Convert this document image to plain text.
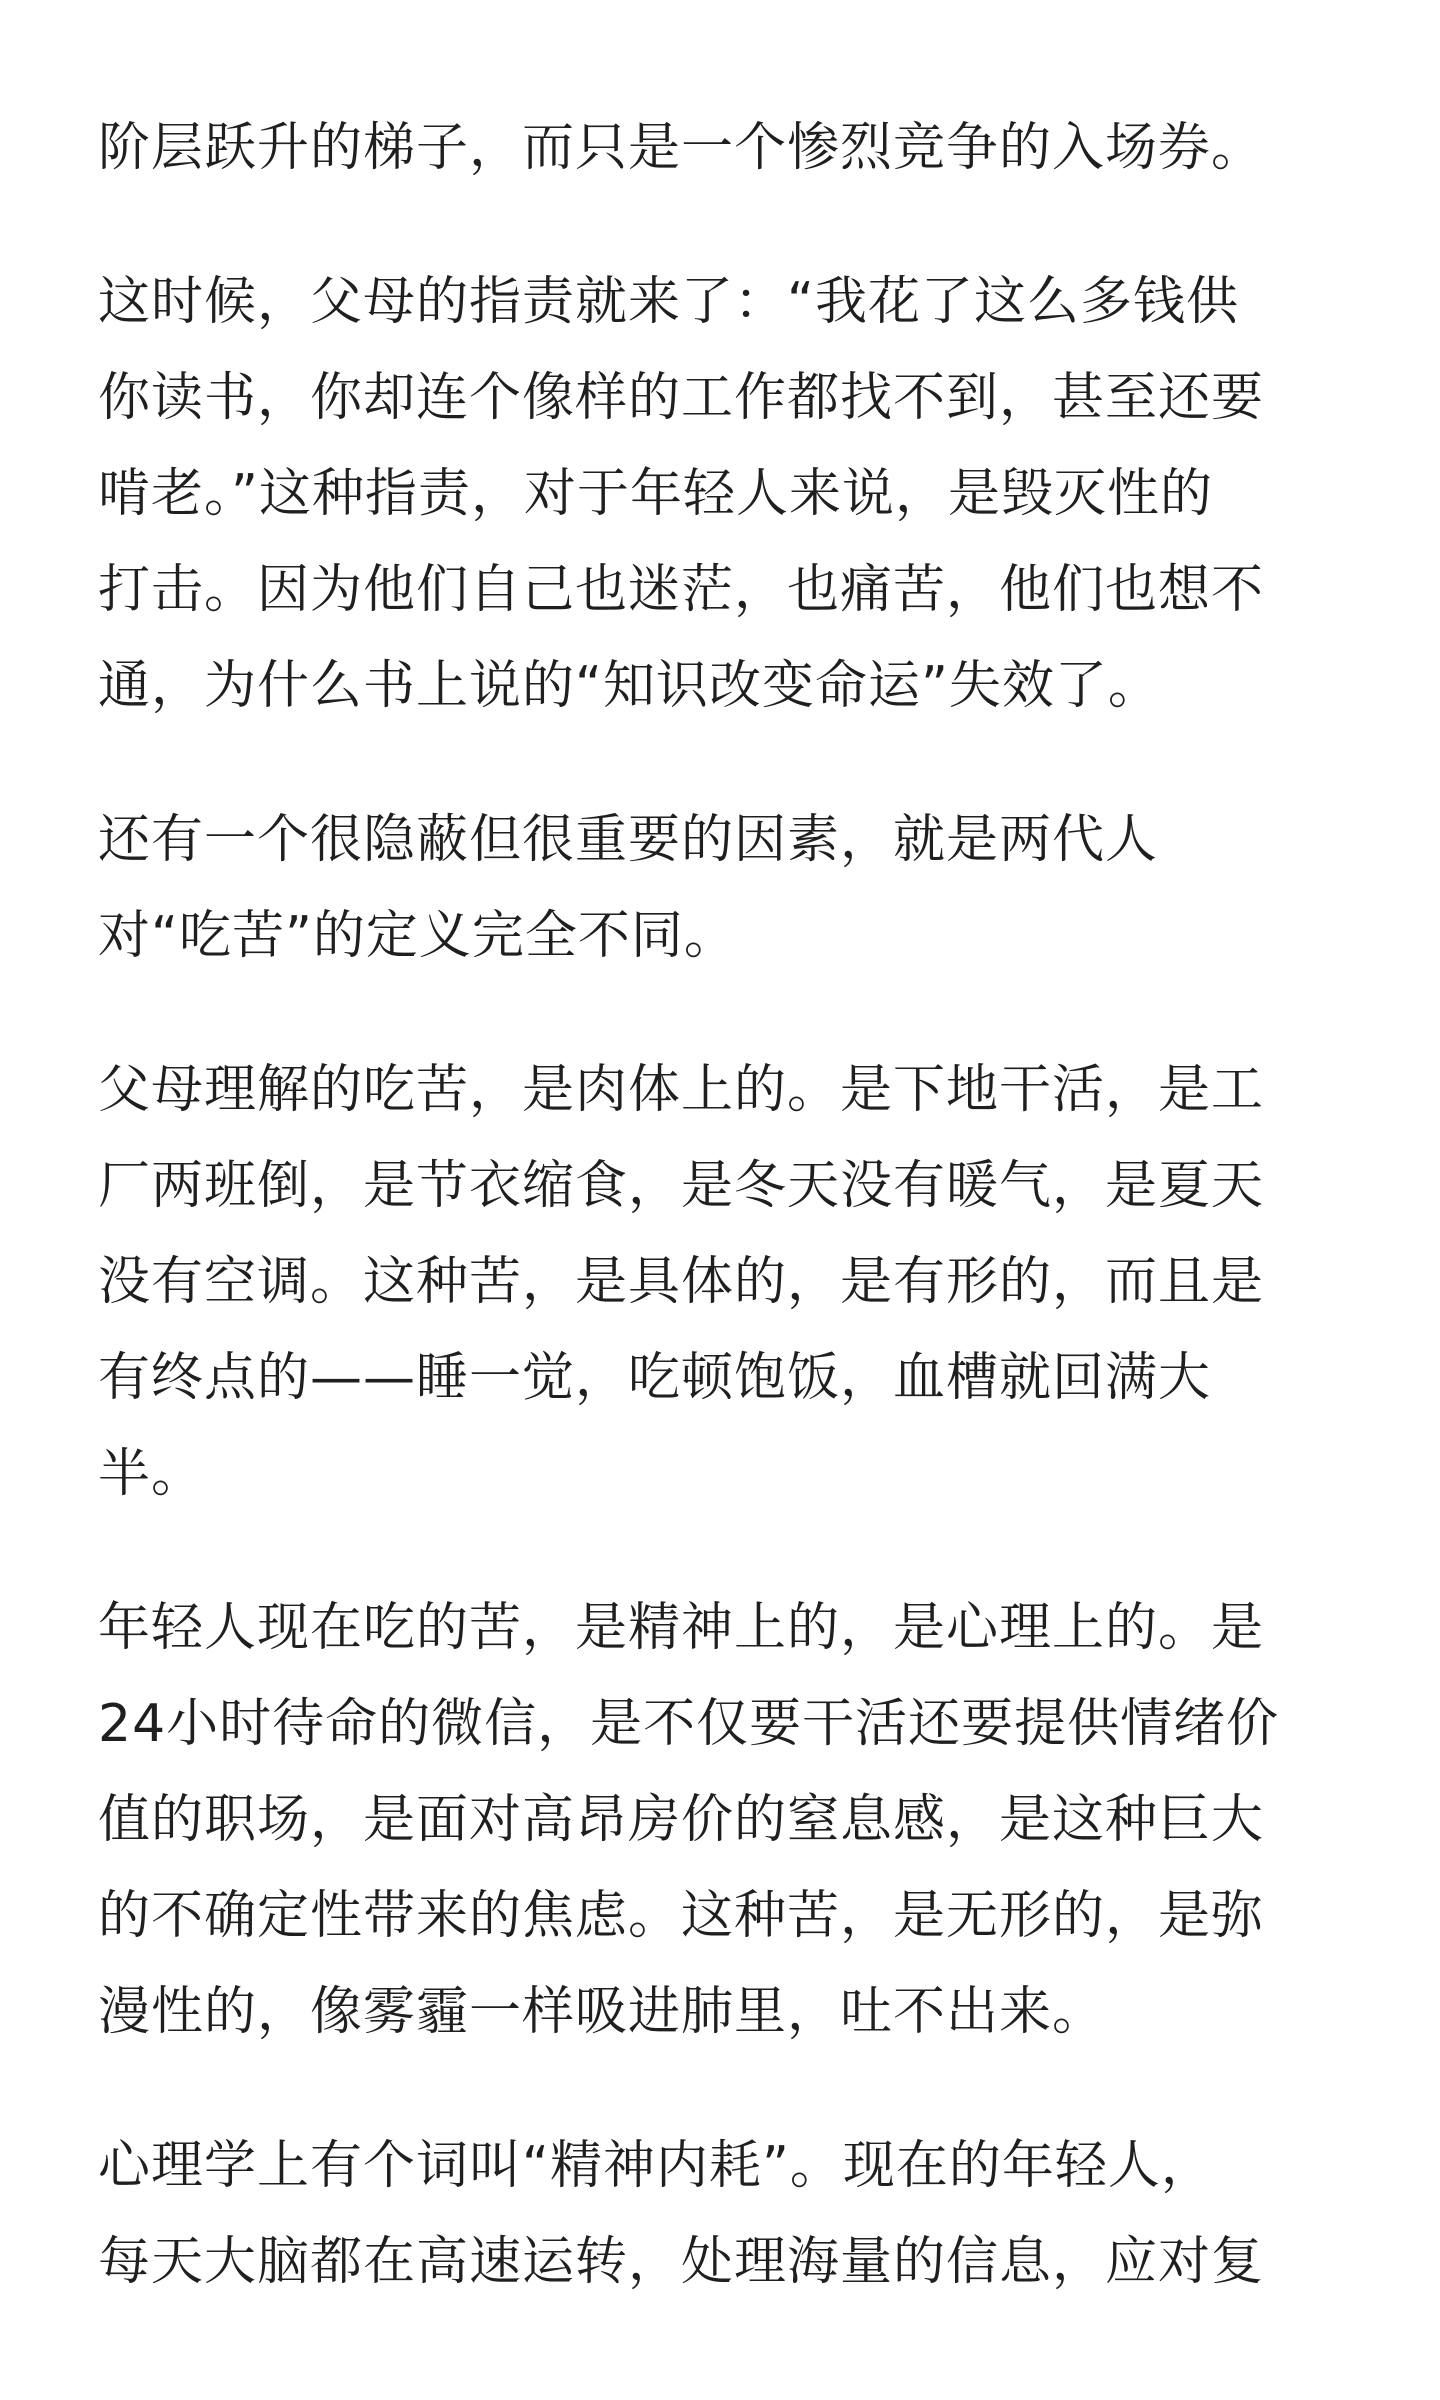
阶层跃升的梯子，而只是一个惨烈竞争的入场券。

这时候，父母的指责就来了：“我花了这么多钱供
你读书，你却连个像样的工作都找不到，甚至还要
啃老。”这种指责，对于年轻人来说，是毁灭性的
打击。因为他们自己也迷茫，也痛苦，他们也想不
通，为什么书上说的“知识改变命运”失效了。

还有一个很隐蔽但很重要的因素，就是两代人
对“吃苦”的定义完全不同。

父母理解的吃苦，是肉体上的。是下地干活，是工
厂两班倒，是节衣缩食，是冬天没有暖气，是夏天
没有空调。这种苦，是具体的，是有形的，而且是
有终点的——睡一觉，吃顿饱饭，血槽就回满大
半。

年轻人现在吃的苦，是精神上的，是心理上的。是
24小时待命的微信，是不仅要干活还要提供情绪价
值的职场，是面对高昂房价的窒息感，是这种巨大
的不确定性带来的焦虑。这种苦，是无形的，是弥
漫性的，像雾霾一样吸进肺里，吐不出来。

心理学上有个词叫“精神内耗”。现在的年轻人，
每天大脑都在高速运转，处理海量的信息，应对复
